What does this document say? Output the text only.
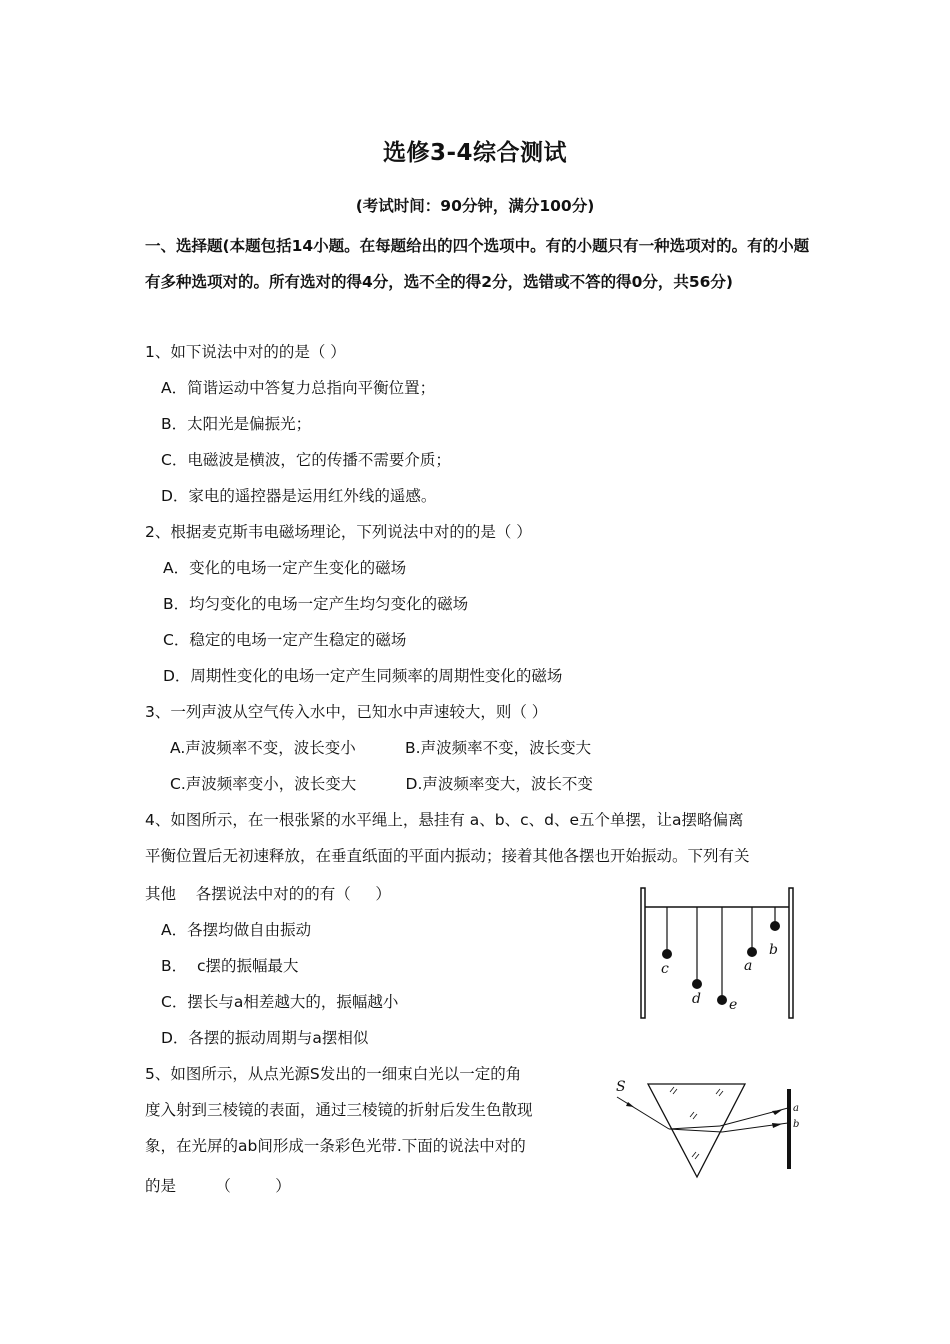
选修3-4综合测试
(考试时间：90分钟，满分100分)
一、选择题(本题包括14小题。在每题给出的四个选项中。有的小题只有一种选项对的。有的小题有多种选项对的。所有选对的得4分，选不全的得2分，选错或不答的得0分，共56分)
1、如下说法中对的的是（ ）
A．简谐运动中答复力总指向平衡位置；
B．太阳光是偏振光；
C．电磁波是横波，它的传播不需要介质；
D．家电的遥控器是运用红外线的遥感。
2、根据麦克斯韦电磁场理论，下列说法中对的的是（ ）
A．变化的电场一定产生变化的磁场
B．均匀变化的电场一定产生均匀变化的磁场
C．稳定的电场一定产生稳定的磁场
D．周期性变化的电场一定产生同频率的周期性变化的磁场
3、一列声波从空气传入水中，已知水中声速较大，则（ ）
A.声波频率不变，波长变小          B.声波频率不变，波长变大
C.声波频率变小，波长变大          D.声波频率变大，波长不变
4、如图所示，在一根张紧的水平绳上，悬挂有 a、b、c、d、e五个单摆，让a摆略偏离
平衡位置后无初速释放，在垂直纸面的平面内振动；接着其他各摆也开始振动。下列有关
其他    各摆说法中对的的有（     ）
A．各摆均做自由振动
B．  c摆的振幅最大
C．摆长与a相差越大的，振幅越小
D．各摆的振动周期与a摆相似
c
d e
a
b
5、如图所示，从点光源S发出的一细束白光以一定的角
度入射到三棱镜的表面，通过三棱镜的折射后发生色散现
象，在光屏的ab间形成一条彩色光带.下面的说法中对的
的是        （         ）
S
a
b
